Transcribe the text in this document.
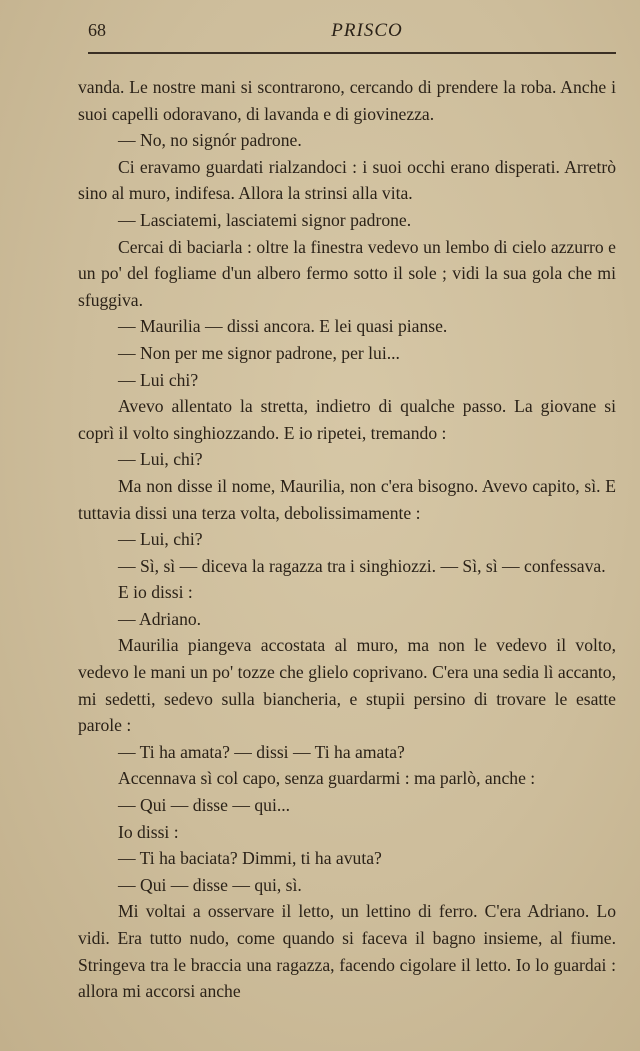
68	PRISCO

vanda. Le nostre mani si scontrarono, cercando di prendere la roba. Anche i suoi capelli odoravano, di lavanda e di giovinezza.

— No, no signór padrone.

Ci eravamo guardati rialzandoci : i suoi occhi erano disperati. Arretrò sino al muro, indifesa. Allora la strinsi alla vita.

— Lasciatemi, lasciatemi signor padrone.

Cercai di baciarla : oltre la finestra vedevo un lembo di cielo azzurro e un po' del fogliame d'un albero fermo sotto il sole ; vidi la sua gola che mi sfuggiva.

— Maurilia — dissi ancora. E lei quasi pianse.

— Non per me signor padrone, per lui...

— Lui chi?

Avevo allentato la stretta, indietro di qualche passo. La giovane si coprì il volto singhiozzando. E io ripetei, tremando :

— Lui, chi?

Ma non disse il nome, Maurilia, non c'era bisogno. Avevo capito, sì. E tuttavia dissi una terza volta, debolissimamente :

— Lui, chi?

— Sì, sì — diceva la ragazza tra i singhiozzi. — Sì, sì — confessava.

E io dissi :

— Adriano.

Maurilia piangeva accostata al muro, ma non le vedevo il volto, vedevo le mani un po' tozze che glielo coprivano. C'era una sedia lì accanto, mi sedetti, sedevo sulla biancheria, e stupii persino di trovare le esatte parole :

— Ti ha amata? — dissi — Ti ha amata?

Accennava sì col capo, senza guardarmi : ma parlò, anche :

— Qui — disse — qui...

Io dissi :

— Ti ha baciata? Dimmi, ti ha avuta?

— Qui — disse — qui, sì.

Mi voltai a osservare il letto, un lettino di ferro. C'era Adriano. Lo vidi. Era tutto nudo, come quando si faceva il bagno insieme, al fiume. Stringeva tra le braccia una ragazza, facendo cigolare il letto. Io lo guardai : allora mi accorsi anche
